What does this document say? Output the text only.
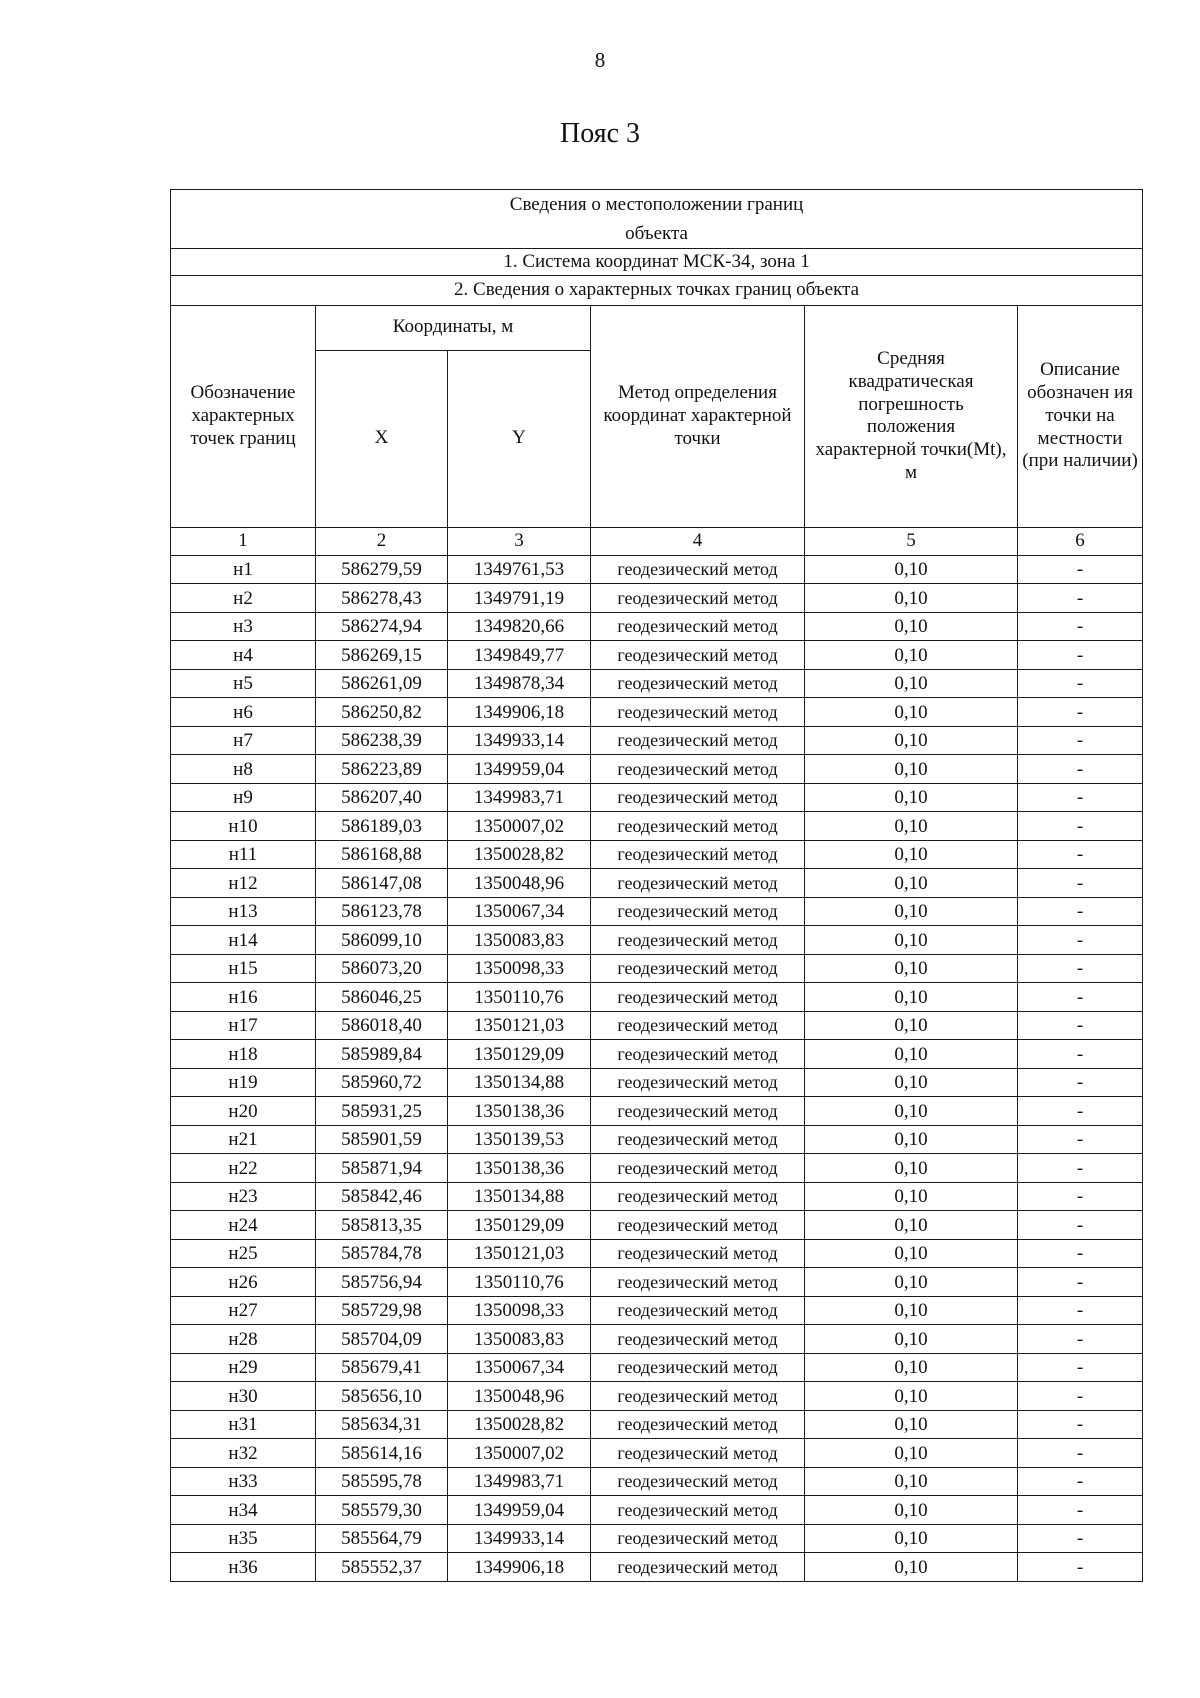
8
Пояс 3
Сведения о местоположении границ
объекта					
1. Система координат МСК-34, зона 1					
2. Сведения о характерных точках границ объекта					
Обозначение характерных точек границ	Координаты, м		Метод определения координат характерной точки	Средняя квадратическая погрешность положения характерной точки(Mt), м	Описание обозначен ия точки на местности (при наличии)
	X	Y			
1	2	3	4	5	6
н1	586279,59	1349761,53	геодезический метод	0,10	-
н2	586278,43	1349791,19	геодезический метод	0,10	-
н3	586274,94	1349820,66	геодезический метод	0,10	-
н4	586269,15	1349849,77	геодезический метод	0,10	-
н5	586261,09	1349878,34	геодезический метод	0,10	-
н6	586250,82	1349906,18	геодезический метод	0,10	-
н7	586238,39	1349933,14	геодезический метод	0,10	-
н8	586223,89	1349959,04	геодезический метод	0,10	-
н9	586207,40	1349983,71	геодезический метод	0,10	-
н10	586189,03	1350007,02	геодезический метод	0,10	-
н11	586168,88	1350028,82	геодезический метод	0,10	-
н12	586147,08	1350048,96	геодезический метод	0,10	-
н13	586123,78	1350067,34	геодезический метод	0,10	-
н14	586099,10	1350083,83	геодезический метод	0,10	-
н15	586073,20	1350098,33	геодезический метод	0,10	-
н16	586046,25	1350110,76	геодезический метод	0,10	-
н17	586018,40	1350121,03	геодезический метод	0,10	-
н18	585989,84	1350129,09	геодезический метод	0,10	-
н19	585960,72	1350134,88	геодезический метод	0,10	-
н20	585931,25	1350138,36	геодезический метод	0,10	-
н21	585901,59	1350139,53	геодезический метод	0,10	-
н22	585871,94	1350138,36	геодезический метод	0,10	-
н23	585842,46	1350134,88	геодезический метод	0,10	-
н24	585813,35	1350129,09	геодезический метод	0,10	-
н25	585784,78	1350121,03	геодезический метод	0,10	-
н26	585756,94	1350110,76	геодезический метод	0,10	-
н27	585729,98	1350098,33	геодезический метод	0,10	-
н28	585704,09	1350083,83	геодезический метод	0,10	-
н29	585679,41	1350067,34	геодезический метод	0,10	-
н30	585656,10	1350048,96	геодезический метод	0,10	-
н31	585634,31	1350028,82	геодезический метод	0,10	-
н32	585614,16	1350007,02	геодезический метод	0,10	-
н33	585595,78	1349983,71	геодезический метод	0,10	-
н34	585579,30	1349959,04	геодезический метод	0,10	-
н35	585564,79	1349933,14	геодезический метод	0,10	-
н36	585552,37	1349906,18	геодезический метод	0,10	-
